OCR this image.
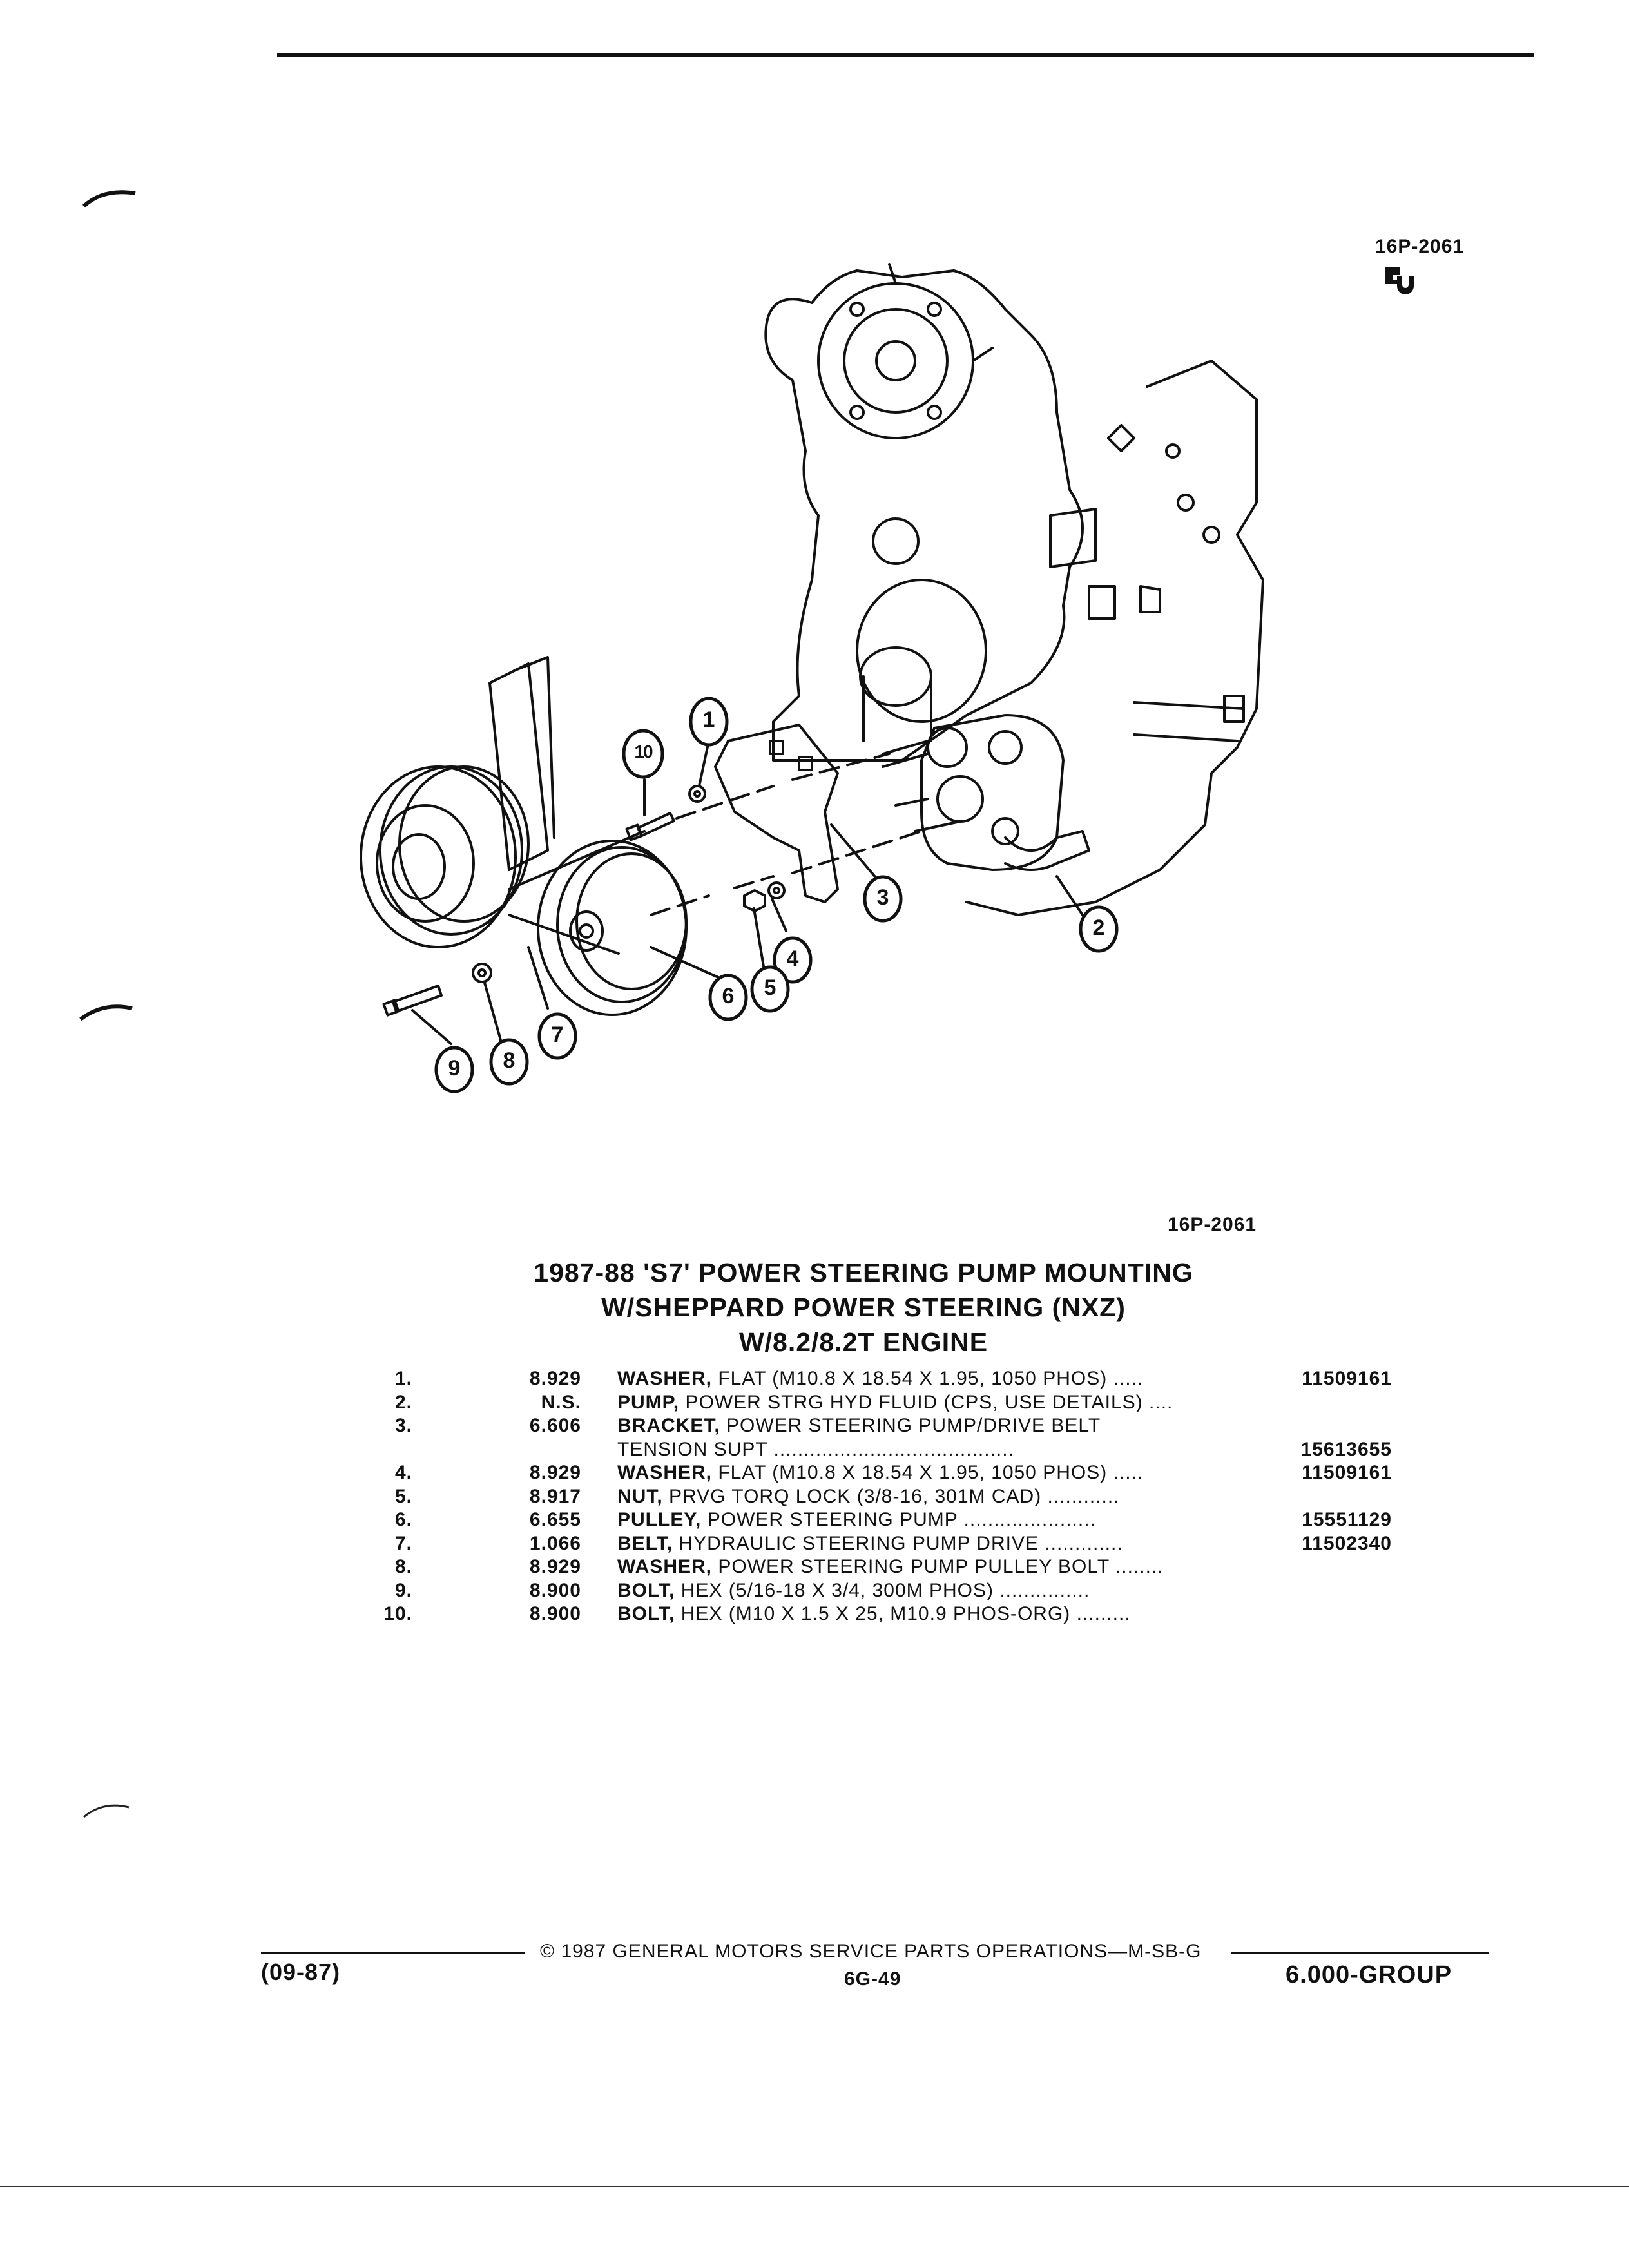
16P-2061
1
2
3
4
5
6
7
8
9
10
16P-2061
1987-88 'S7' POWER STEERING PUMP MOUNTING
W/SHEPPARD POWER STEERING (NXZ)
W/8.2/8.2T ENGINE
1.	8.929 WASHER, FLAT (M10.8 X 18.54 X 1.95, 1050 PHOS) .....	11509161
2.	N.S. PUMP, POWER STRG HYD FLUID (CPS, USE DETAILS) ....
3.	6.606 BRACKET, POWER STEERING PUMP/DRIVE BELT
TENSION SUPT ........................................	15613655
4.	8.929 WASHER, FLAT (M10.8 X 18.54 X 1.95, 1050 PHOS) .....	11509161
5.	8.917 NUT, PRVG TORQ LOCK (3/8-16, 301M CAD) ............
6.	6.655 PULLEY, POWER STEERING PUMP ......................	15551129
7.	1.066 BELT, HYDRAULIC STEERING PUMP DRIVE .............	11502340
8.	8.929 WASHER, POWER STEERING PUMP PULLEY BOLT ........
9.	8.900 BOLT, HEX (5/16-18 X 3/4, 300M PHOS) ...............
10.	8.900 BOLT, HEX (M10 X 1.5 X 25, M10.9 PHOS-ORG) .........
© 1987 GENERAL MOTORS SERVICE PARTS OPERATIONS—M-SB-G
(09-87)	6G-49	6.000-GROUP
